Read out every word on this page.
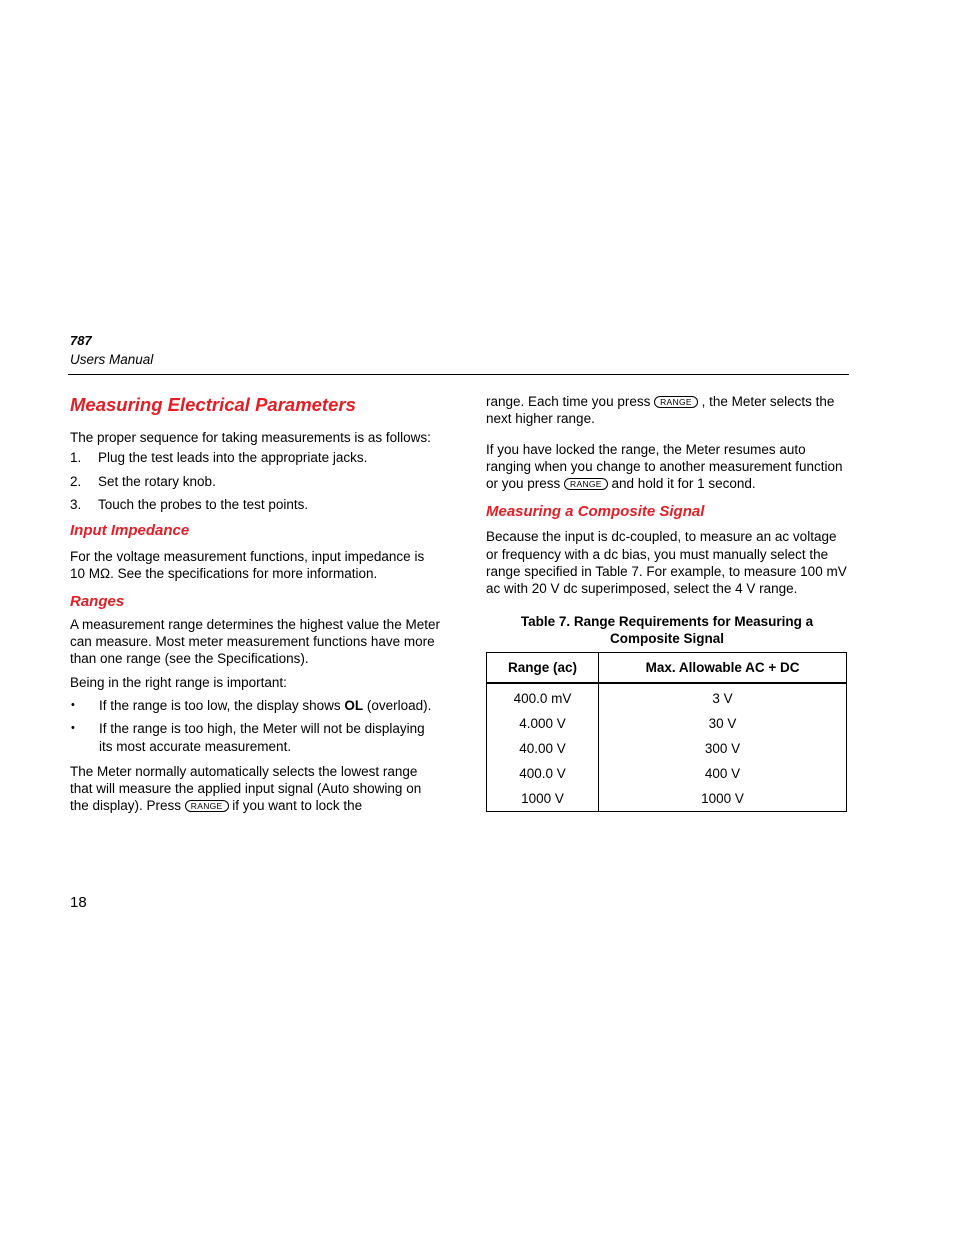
787
Users Manual
Measuring Electrical Parameters

The proper sequence for taking measurements is as follows:

1.	Plug the test leads into the appropriate jacks.
2.	Set the rotary knob.
3.	Touch the probes to the test points.
Input Impedance

For the voltage measurement functions, input impedance is 10 MΩ. See the specifications for more information.

Ranges

A measurement range determines the highest value the Meter can measure. Most meter measurement functions have more than one range (see the Specifications).

Being in the right range is important:

•	If the range is too low, the display shows OL (overload).
•	If the range is too high, the Meter will not be displaying its most accurate measurement.

The Meter normally automatically selects the lowest range that will measure the applied input signal (Auto showing on the display). Press RANGE if you want to lock the

range. Each time you press RANGE , the Meter selects the next higher range.

If you have locked the range, the Meter resumes auto ranging when you change to another measurement function or you press RANGE and hold it for 1 second.

Measuring a Composite Signal

Because the input is dc-coupled, to measure an ac voltage or frequency with a dc bias, you must manually select the range specified in Table 7. For example, to measure 100 mV ac with 20 V dc superimposed, select the 4 V range.

Table 7. Range Requirements for Measuring a
Composite Signal
Range (ac)	Max. Allowable AC + DC
400.0 mV	3 V
4.000 V	30 V
40.00 V	300 V
400.0 V	400 V
1000 V	1000 V
18
